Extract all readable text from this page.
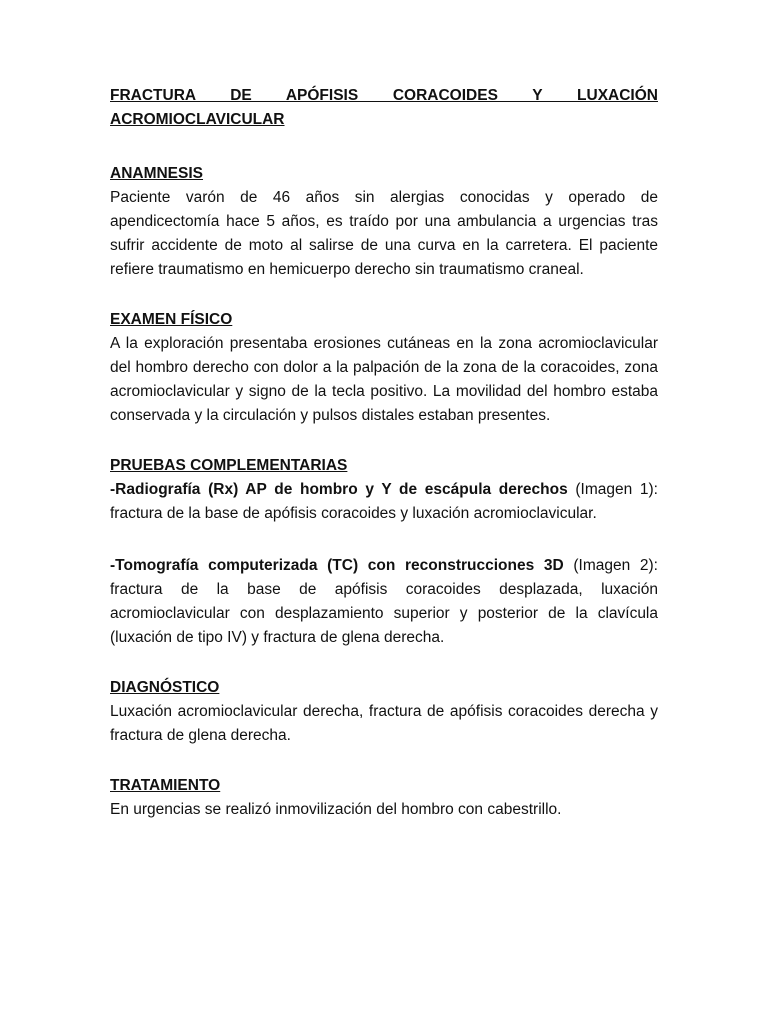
FRACTURA DE APÓFISIS CORACOIDES Y LUXACIÓN
ACROMIOCLAVICULAR

ANAMNESIS

Paciente varón de 46 años sin alergias conocidas y operado de apendicectomía hace 5 años, es traído por una ambulancia a urgencias tras sufrir accidente de moto al salirse de una curva en la carretera. El paciente refiere traumatismo en hemicuerpo derecho sin traumatismo craneal.

EXAMEN FÍSICO

A la exploración presentaba erosiones cutáneas en la zona acromioclavicular del hombro derecho con dolor a la palpación de la zona de la coracoides, zona acromioclavicular y signo de la tecla positivo. La movilidad del hombro estaba conservada y la circulación y pulsos distales estaban presentes.

PRUEBAS COMPLEMENTARIAS

-Radiografía (Rx) AP de hombro y Y de escápula derechos (Imagen 1): fractura de la base de apófisis coracoides y luxación acromioclavicular.

-Tomografía computerizada (TC) con reconstrucciones 3D (Imagen 2): fractura de la base de apófisis coracoides desplazada, luxación acromioclavicular con desplazamiento superior y posterior de la clavícula (luxación de tipo IV) y fractura de glena derecha.

DIAGNÓSTICO

Luxación acromioclavicular derecha, fractura de apófisis coracoides derecha y fractura de glena derecha.

TRATAMIENTO

En urgencias se realizó inmovilización del hombro con cabestrillo.
